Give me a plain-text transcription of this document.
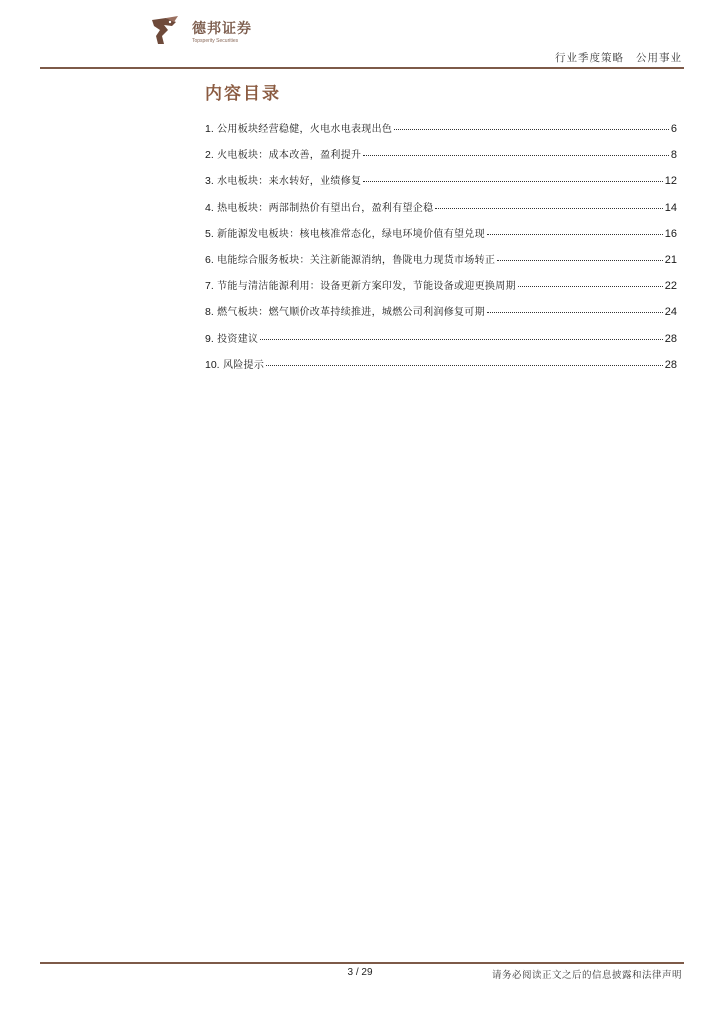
德邦证券
Topsperity Securities
行业季度策略 公用事业
内容目录
1.
公用板块经营稳健，火电水电表现出色	6
2.
火电板块：成本改善，盈利提升	8
3.
水电板块：来水转好，业绩修复	12
4.
热电板块：两部制热价有望出台，盈利有望企稳	14
5.
新能源发电板块：核电核准常态化，绿电环境价值有望兑现	16
6.
电能综合服务板块：关注新能源消纳，鲁陇电力现货市场转正	21
7.
节能与清洁能源利用：设备更新方案印发，节能设备或迎更换周期	22
8.
燃气板块：燃气顺价改革持续推进，城燃公司利润修复可期	24
9.
投资建议	28
10.
风险提示	28
3 / 29	请务必阅读正文之后的信息披露和法律声明
